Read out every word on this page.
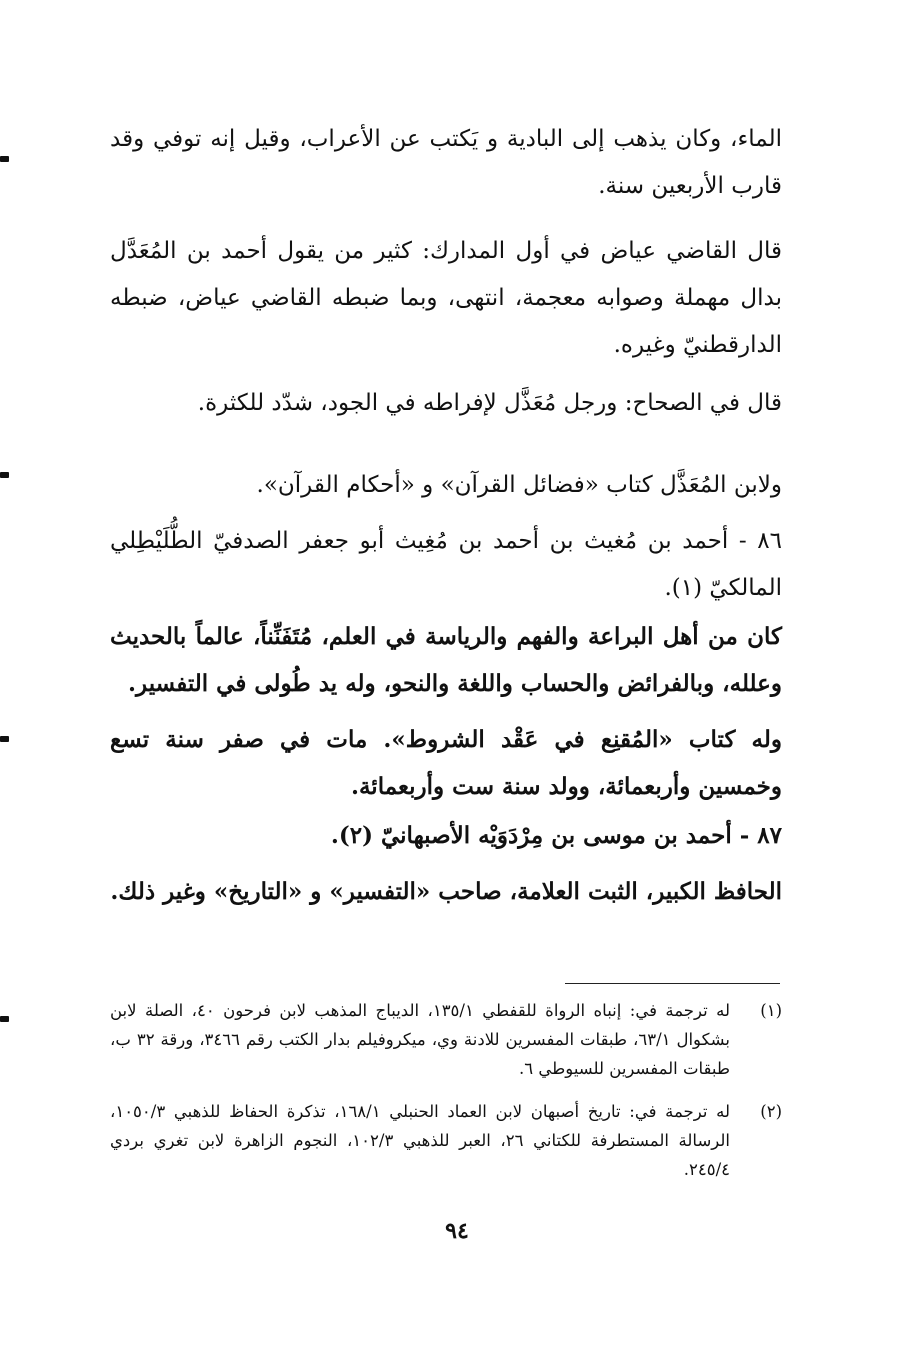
الماء، وكان يذهب إلى البادية و يَكتب عن الأعراب، وقيل إنه توفي وقد قارب الأربعين سنة.
قال القاضي عياض في أول المدارك: كثير من يقول أحمد بن المُعَدَّل بدال مهملة وصوابه معجمة، انتهى، وبما ضبطه القاضي عياض، ضبطه الدارقطنيّ وغيره.
قال في الصحاح: ورجل مُعَذَّل لإفراطه في الجود، شدّد للكثرة.
ولابن المُعَذَّل كتاب «فضائل القرآن» و «أحكام القرآن».
٨٦ - أحمد بن مُغيث بن أحمد بن مُغِيث أبو جعفر الصدفيّ الطُّلَيْطِلي المالكيّ (١).
كان من أهل البراعة والفهم والرياسة في العلم، مُتَفَنِّناً، عالماً بالحديث وعلله، وبالفرائض والحساب واللغة والنحو، وله يد طُولى في التفسير.
وله كتاب «المُقنِع في عَقْد الشروط». مات في صفر سنة تسع وخمسين وأربعمائة، وولد سنة ست وأربعمائة.
٨٧ - أحمد بن موسى بن مِرْدَوَيْه الأصبهانيّ (٢).
الحافظ الكبير، الثبت العلامة، صاحب «التفسير» و «التاريخ» وغير ذلك.
(١)
له ترجمة في: إنباه الرواة للقفطي ١٣٥/١، الديباج المذهب لابن فرحون ٤٠، الصلة لابن بشكوال ٦٣/١، طبقات المفسرين للادنة وي، ميكروفيلم بدار الكتب رقم ٣٤٦٦، ورقة ٣٢ ب، طبقات المفسرين للسيوطي ٦.
(٢)
له ترجمة في: تاريخ أصبهان لابن العماد الحنبلي ١٦٨/١، تذكرة الحفاظ للذهبي ١٠٥٠/٣، الرسالة المستطرفة للكتاني ٢٦، العبر للذهبي ١٠٢/٣، النجوم الزاهرة لابن تغري بردي ٢٤٥/٤.
٩٤
